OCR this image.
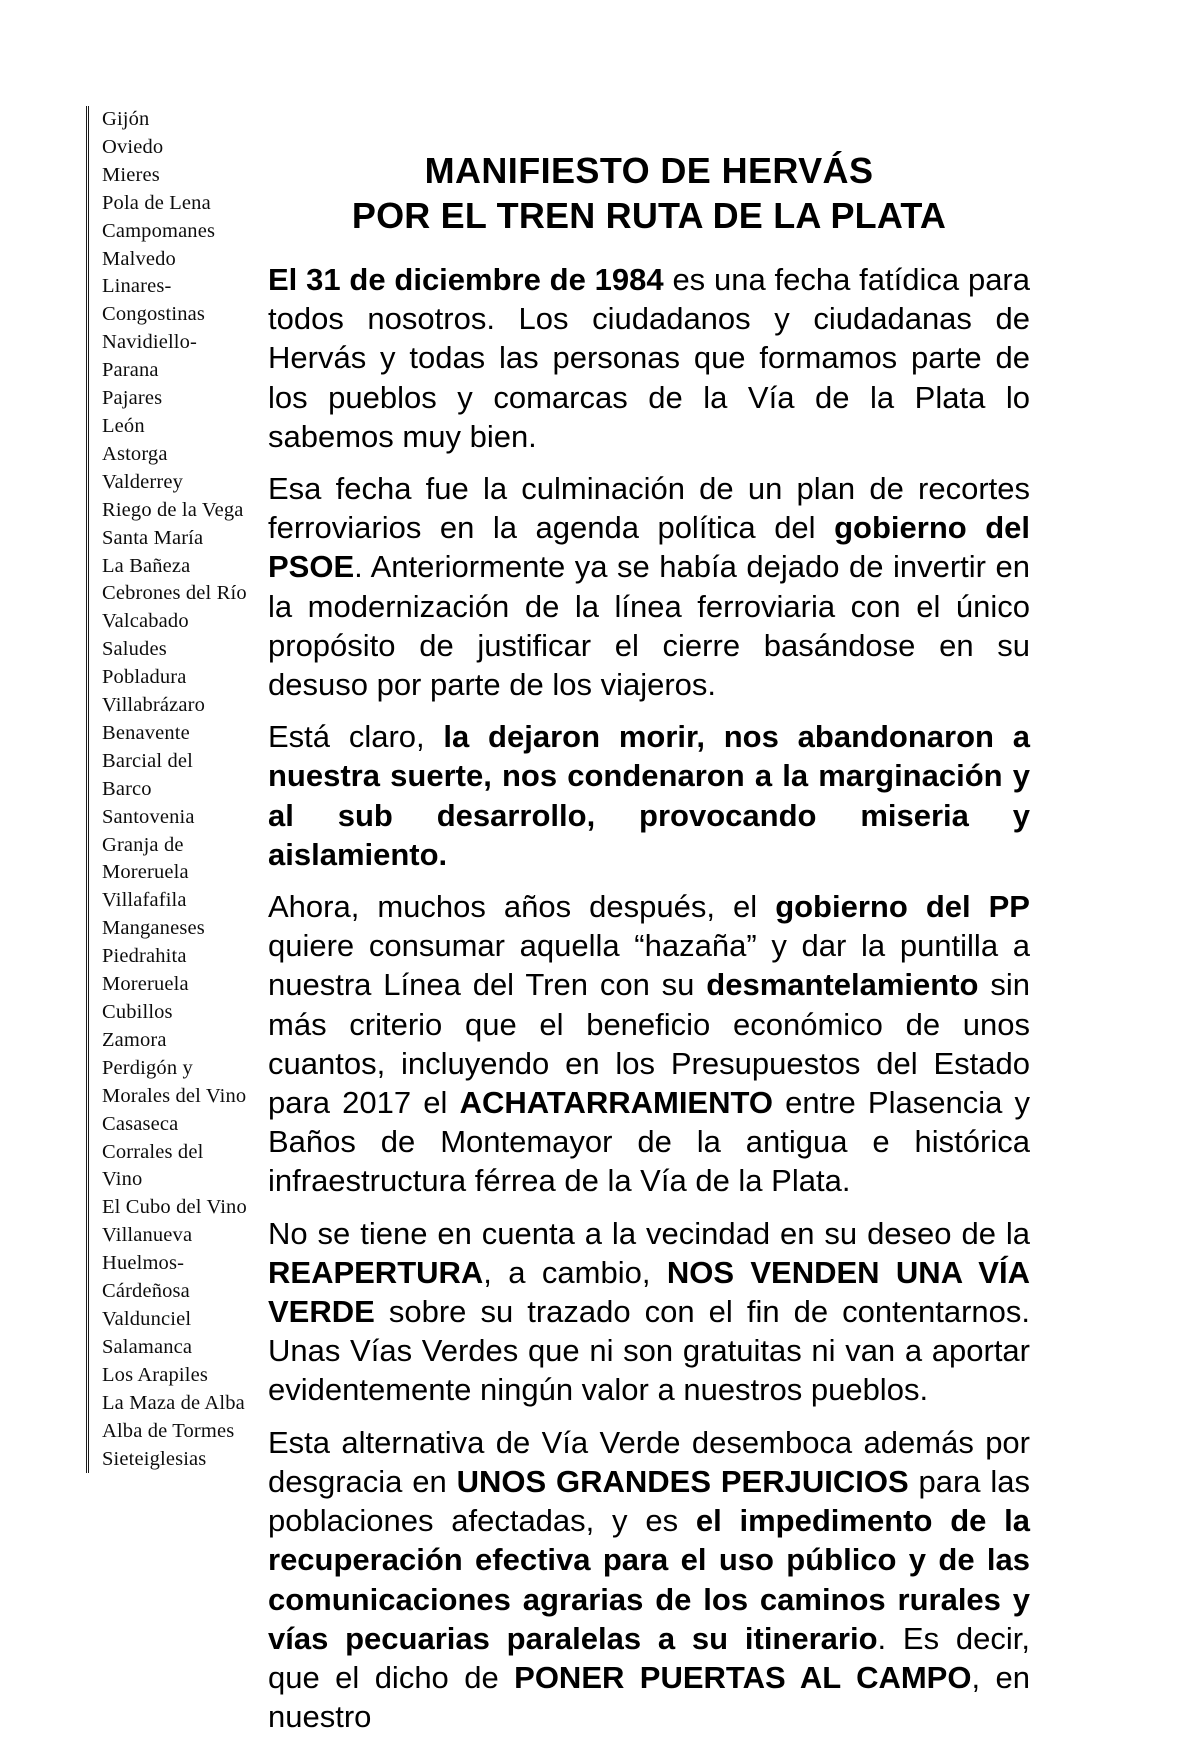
Gijón
Oviedo
Mieres
Pola de Lena
Campomanes
Malvedo
Linares-
Congostinas
Navidiello-
Parana
Pajares
León
Astorga
Valderrey
Riego de la Vega
Santa María
La Bañeza
Cebrones del Río
Valcabado
Saludes
Pobladura
Villabrázaro
Benavente
Barcial del
Barco
Santovenia
Granja de
Moreruela
Villafafila
Manganeses
Piedrahita
Moreruela
Cubillos
Zamora
Perdigón y
Morales del Vino
Casaseca
Corrales del
Vino
El Cubo del Vino
Villanueva
Huelmos-
Cárdeñosa
Valdunciel
Salamanca
Los Arapiles
La Maza de Alba
Alba de Tormes
Sieteiglesias
MANIFIESTO DE HERVÁS
POR EL TREN RUTA DE LA PLATA

El 31 de diciembre de 1984 es una fecha fatídica para todos nosotros. Los ciudadanos y ciudadanas de Hervás y todas las personas que formamos parte de los pueblos y comarcas de la Vía de la Plata lo sabemos muy bien.

Esa fecha fue la culminación de un plan de recortes ferroviarios en la agenda política del gobierno del PSOE. Anteriormente ya se había dejado de invertir en la modernización de la línea ferroviaria con el único propósito de justificar el cierre basándose en su desuso por parte de los viajeros.

Está claro, la dejaron morir, nos abandonaron a nuestra suerte, nos condenaron a la marginación y al sub desarrollo, provocando miseria y aislamiento.

Ahora, muchos años después, el gobierno del PP quiere consumar aquella “hazaña” y dar la puntilla a nuestra Línea del Tren con su desmantelamiento sin más criterio que el beneficio económico de unos cuantos, incluyendo en los Presupuestos del Estado para 2017 el ACHATARRAMIENTO entre Plasencia y Baños de Montemayor de la antigua e histórica infraestructura férrea de la Vía de la Plata.

No se tiene en cuenta a la vecindad en su deseo de la REAPERTURA, a cambio, NOS VENDEN UNA VÍA VERDE sobre su trazado con el fin de contentarnos. Unas Vías Verdes que ni son gratuitas ni van a aportar evidentemente ningún valor a nuestros pueblos.

Esta alternativa de Vía Verde desemboca además por desgracia en UNOS GRANDES PERJUICIOS para las poblaciones afectadas, y es el impedimento de la recuperación efectiva para el uso público y de las comunicaciones agrarias de los caminos rurales y vías pecuarias paralelas a su itinerario. Es decir, que el dicho de PONER PUERTAS AL CAMPO, en nuestro
